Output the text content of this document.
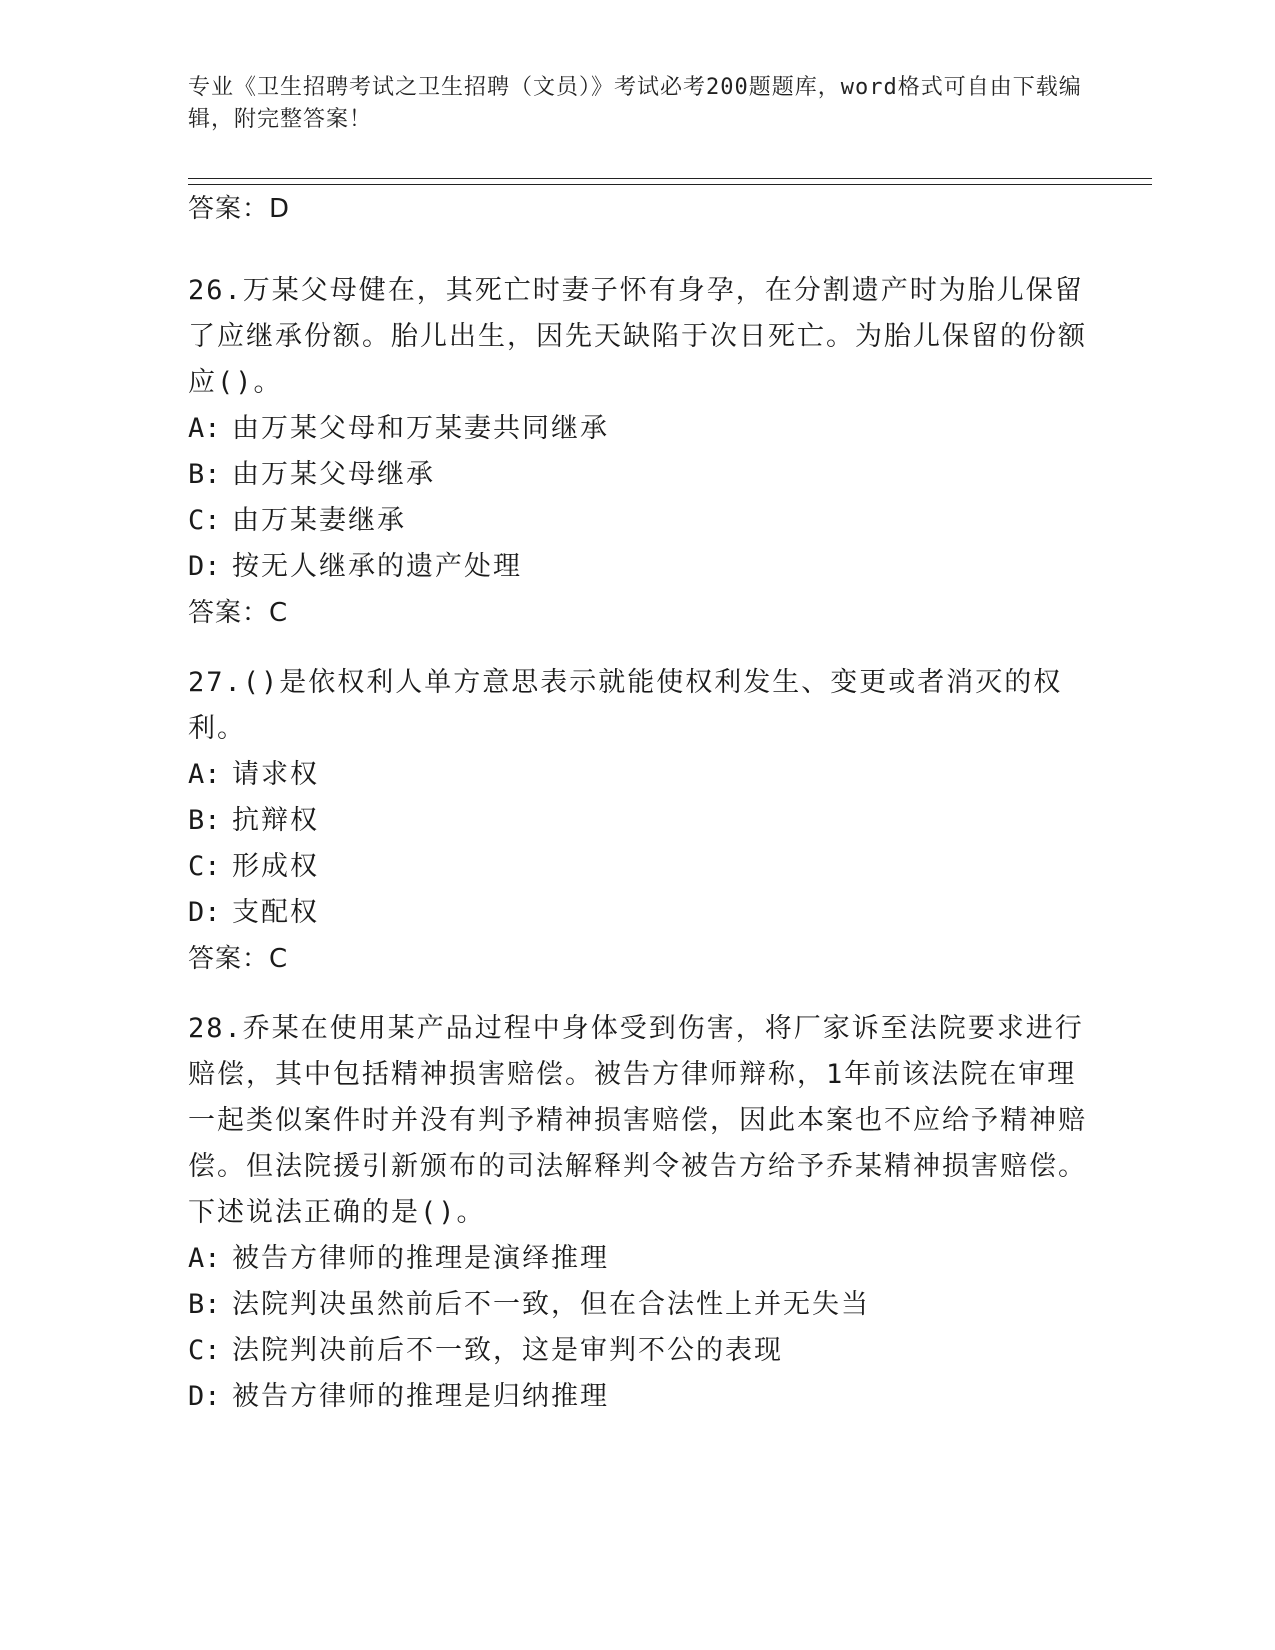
专业《卫生招聘考试之卫生招聘（文员）》考试必考200题题库，word格式可自由下载编辑，附完整答案！
答案：D
26.万某父母健在，其死亡时妻子怀有身孕，在分割遗产时为胎儿保留了应继承份额。胎儿出生，因先天缺陷于次日死亡。为胎儿保留的份额应()。
A: 由万某父母和万某妻共同继承
B: 由万某父母继承
C: 由万某妻继承
D: 按无人继承的遗产处理
答案：C
27.()是依权利人单方意思表示就能使权利发生、变更或者消灭的权利。
A: 请求权
B: 抗辩权
C: 形成权
D: 支配权
答案：C
28.乔某在使用某产品过程中身体受到伤害，将厂家诉至法院要求进行赔偿，其中包括精神损害赔偿。被告方律师辩称，1年前该法院在审理一起类似案件时并没有判予精神损害赔偿，因此本案也不应给予精神赔偿。但法院援引新颁布的司法解释判令被告方给予乔某精神损害赔偿。下述说法正确的是()。
A: 被告方律师的推理是演绎推理
B: 法院判决虽然前后不一致，但在合法性上并无失当
C: 法院判决前后不一致，这是审判不公的表现
D: 被告方律师的推理是归纳推理
